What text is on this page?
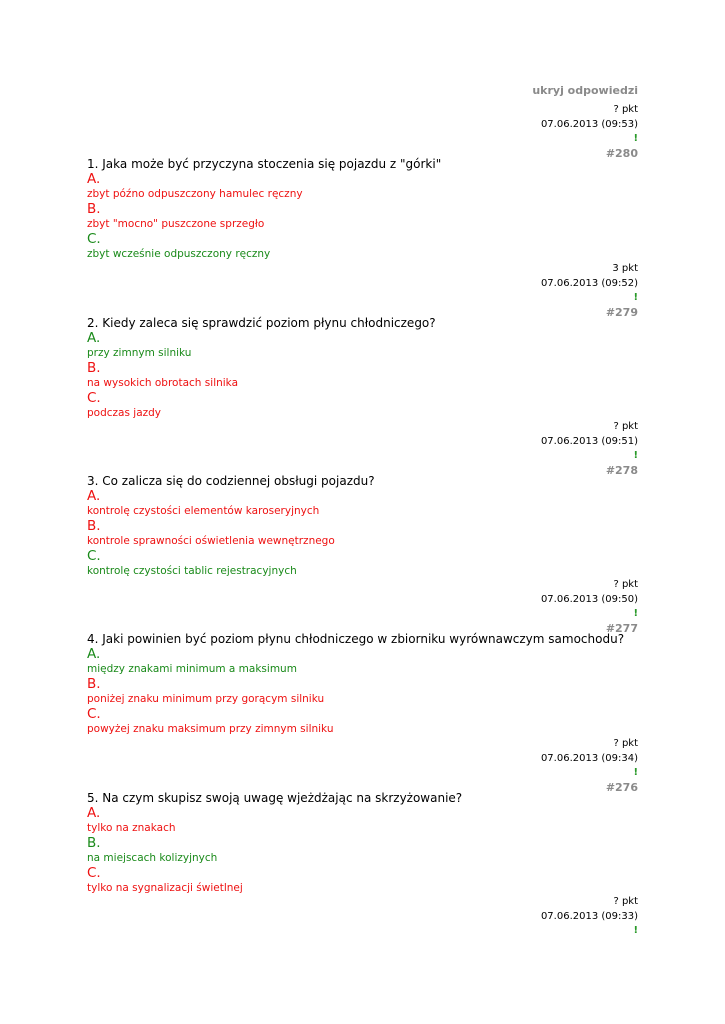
ukryj odpowiedzi
? pkt
07.06.2013 (09:53)
!
#280

1. Jaka może być przyczyna stoczenia się pojazdu z "górki"

A.

zbyt późno odpuszczony hamulec ręczny

B.

zbyt "mocno" puszczone sprzegło

C.

zbyt wcześnie odpuszczony ręczny

3 pkt
07.06.2013 (09:52)
!
#279

2. Kiedy zaleca się sprawdzić poziom płynu chłodniczego?

A.

przy zimnym silniku

B.

na wysokich obrotach silnika

C.

podczas jazdy

? pkt
07.06.2013 (09:51)
!
#278

3. Co zalicza się do codziennej obsługi pojazdu?

A.

kontrolę czystości elementów karoseryjnych

B.

kontrole sprawności oświetlenia wewnętrznego

C.

kontrolę czystości tablic rejestracyjnych

? pkt
07.06.2013 (09:50)
!
#277

4. Jaki powinien być poziom płynu chłodniczego w zbiorniku wyrównawczym samochodu?

A.

między znakami minimum a maksimum

B.

poniżej znaku minimum przy gorącym silniku

C.

powyżej znaku maksimum przy zimnym silniku

? pkt
07.06.2013 (09:34)
!
#276

5. Na czym skupisz swoją uwagę wjeżdżając na skrzyżowanie?

A.

tylko na znakach

B.

na miejscach kolizyjnych

C.

tylko na sygnalizacji świetlnej

? pkt
07.06.2013 (09:33)
!
